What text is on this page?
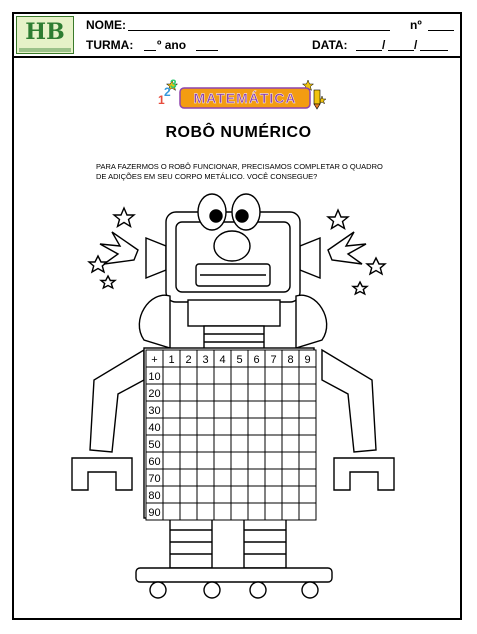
HB	NOME:	nº
TURMA: º ano	DATA:	/ /
1
2
3
MATEMÁTICA
ROBÔ NUMÉRICO
PARA FAZERMOS O ROBÔ FUNCIONAR, PRECISAMOS COMPLETAR O QUADRO
DE ADIÇÕES EM SEU CORPO METÁLICO. VOCÊ CONSEGUE?
+ 1 2 3 4 5 6 7 8 9
10
20
30
40
50
60
70
80
90
